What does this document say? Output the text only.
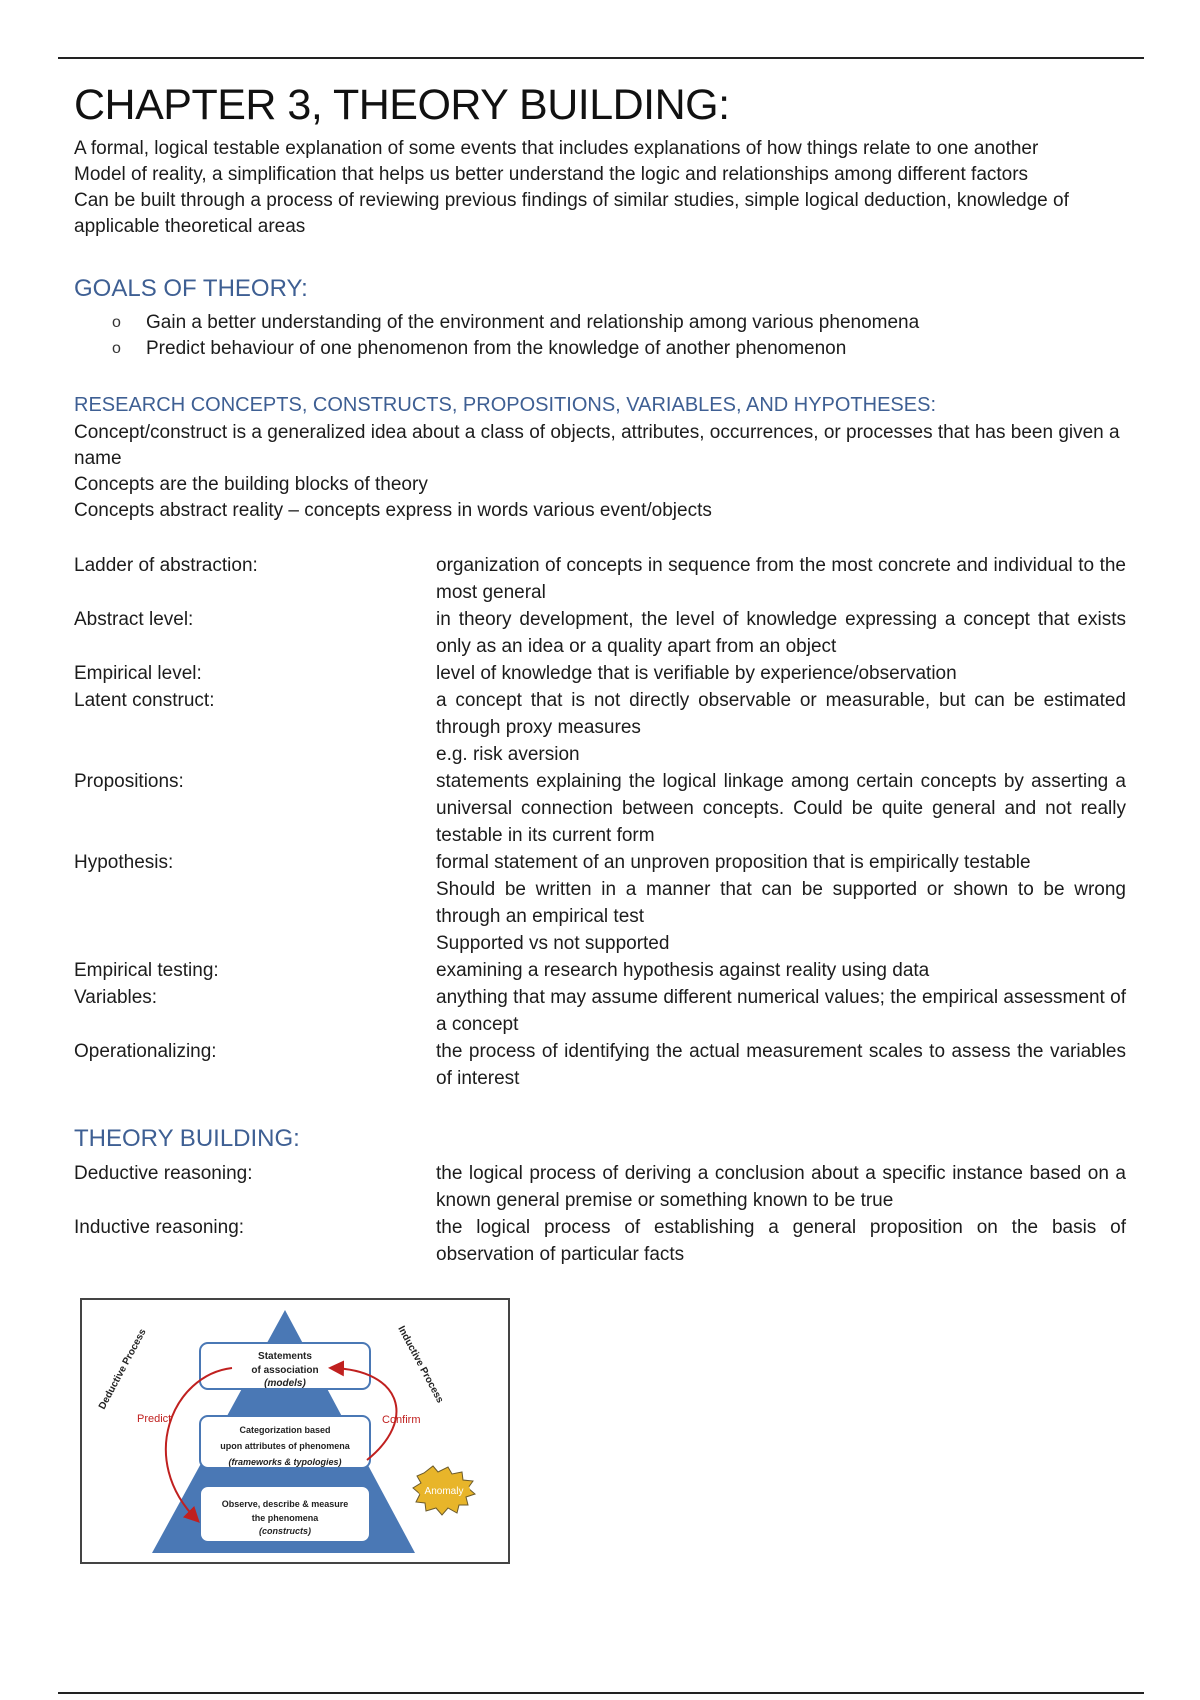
CHAPTER 3, THEORY BUILDING:

A formal, logical testable explanation of some events that includes explanations of how things relate to one another

Model of reality, a simplification that helps us better understand the logic and relationships among different factors

Can be built through a process of reviewing previous findings of similar studies, simple logical deduction, knowledge of applicable theoretical areas

GOALS OF THEORY:
o	Gain a better understanding of the environment and relationship among various phenomena
o	Predict behaviour of one phenomenon from the knowledge of another phenomenon
RESEARCH CONCEPTS, CONSTRUCTS, PROPOSITIONS, VARIABLES, AND HYPOTHESES:

Concept/construct is a generalized idea about a class of objects, attributes, occurrences, or processes that has been given a name

Concepts are the building blocks of theory

Concepts abstract reality – concepts express in words various event/objects

Ladder of abstraction:	organization of concepts in sequence from the most concrete and individual to the most general
Abstract level:	in theory development, the level of knowledge expressing a concept that exists only as an idea or a quality apart from an object
Empirical level:	level of knowledge that is verifiable by experience/observation
Latent construct:	a concept that is not directly observable or measurable, but can be estimated through proxy measures
e.g. risk aversion
Propositions:	statements explaining the logical linkage among certain concepts by asserting a universal connection between concepts. Could be quite general and not really testable in its current form
Hypothesis:	formal statement of an unproven proposition that is empirically testable
Should be written in a manner that can be supported or shown to be wrong through an empirical test
Supported vs not supported
Empirical testing:	examining a research hypothesis against reality using data
Variables:	anything that may assume different numerical values; the empirical assessment of a concept
Operationalizing:	the process of identifying the actual measurement scales to assess the variables of interest
THEORY BUILDING:
Deductive reasoning:	the logical process of deriving a conclusion about a specific instance based on a known general premise or something known to be true
Inductive reasoning:	the logical process of establishing a general proposition on the basis of observation of particular facts
Statements
of association
(models)
Categorization based
upon attributes of phenomena
(frameworks & typologies)
Observe, describe & measure
the phenomena
(constructs)
Predict	Confirm
Deductive Process	Inductive Process
Anomaly
